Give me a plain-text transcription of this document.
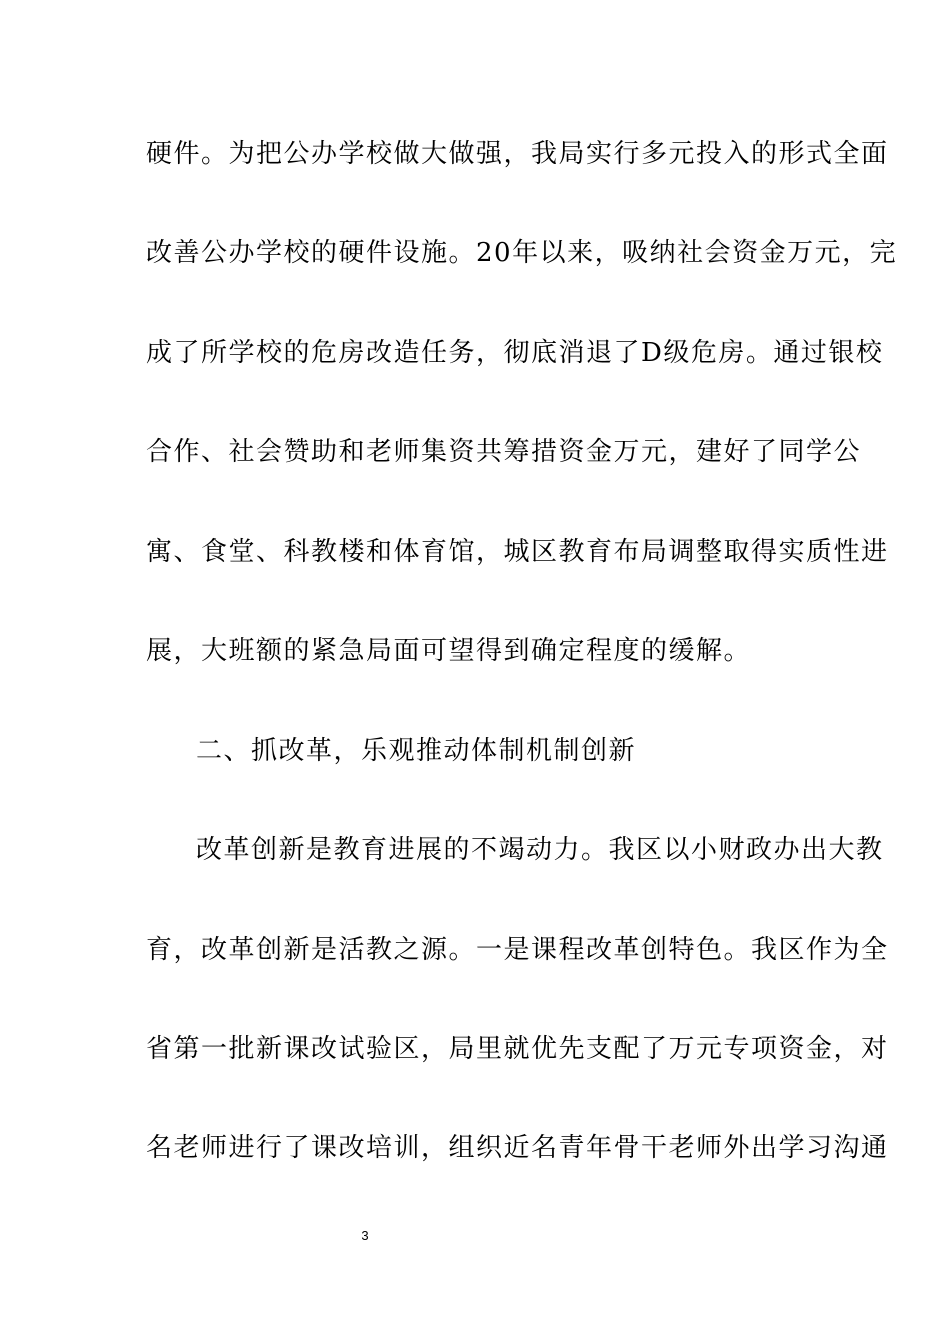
硬件。为把公办学校做大做强，我局实行多元投入的形式全面
改善公办学校的硬件设施。20年以来，吸纳社会资金万元，完
成了所学校的危房改造任务，彻底消退了D级危房。通过银校
合作、社会赞助和老师集资共筹措资金万元，建好了同学公
寓、食堂、科教楼和体育馆，城区教育布局调整取得实质性进
展，大班额的紧急局面可望得到确定程度的缓解。
二、抓改革，乐观推动体制机制创新
改革创新是教育进展的不竭动力。我区以小财政办出大教
育，改革创新是活教之源。一是课程改革创特色。我区作为全
省第一批新课改试验区，局里就优先支配了万元专项资金，对
名老师进行了课改培训，组织近名青年骨干老师外出学习沟通
3
